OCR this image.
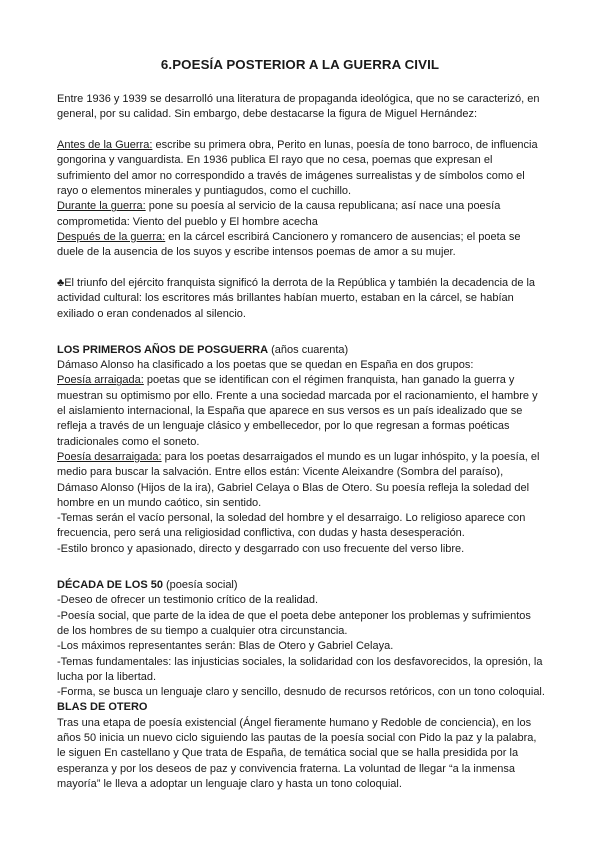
6.POESÍA POSTERIOR A LA GUERRA CIVIL

Entre 1936 y 1939 se desarrolló una literatura de propaganda ideológica, que no se caracterizó, en general, por su calidad. Sin embargo, debe destacarse la figura de Miguel Hernández:

Antes de la Guerra: escribe su primera obra, Perito en lunas, poesía de tono barroco, de influencia gongorina y vanguardista. En 1936 publica El rayo que no cesa, poemas que expresan el sufrimiento del amor no correspondido a través de imágenes surrealistas y de símbolos como el rayo o elementos minerales y puntiagudos, como el cuchillo.

Durante la guerra: pone su poesía al servicio de la causa republicana; así nace una poesía comprometida: Viento del pueblo y El hombre acecha

Después de la guerra: en la cárcel escribirá Cancionero y romancero de ausencias; el poeta se duele de la ausencia de los suyos y escribe intensos poemas de amor a su mujer.

♣El triunfo del ejército franquista significó la derrota de la República y también la decadencia de la actividad cultural: los escritores más brillantes habían muerto, estaban en la cárcel, se habían exiliado o eran condenados al silencio.

LOS PRIMEROS AÑOS DE POSGUERRA (años cuarenta)

Dámaso Alonso ha clasificado a los poetas que se quedan en España en dos grupos:

Poesía arraigada: poetas que se identifican con el régimen franquista, han ganado la guerra y muestran su optimismo por ello. Frente a una sociedad marcada por el racionamiento, el hambre y el aislamiento internacional, la España que aparece en sus versos es un país idealizado que se refleja a través de un lenguaje clásico y embellecedor, por lo que regresan a formas poéticas tradicionales como el soneto.

Poesía desarraigada: para los poetas desarraigados el mundo es un lugar inhóspito, y la poesía, el medio para buscar la salvación. Entre ellos están: Vicente Aleixandre (Sombra del paraíso), Dámaso Alonso (Hijos de la ira), Gabriel Celaya o Blas de Otero. Su poesía refleja la soledad del hombre en un mundo caótico, sin sentido.

-Temas serán el vacío personal, la soledad del hombre y el desarraigo. Lo religioso aparece con frecuencia, pero será una religiosidad conflictiva, con dudas y hasta desesperación.

-Estilo bronco y apasionado, directo y desgarrado con uso frecuente del verso libre.

DÉCADA DE LOS 50 (poesía social)

-Deseo de ofrecer un testimonio crítico de la realidad.

-Poesía social, que parte de la idea de que el poeta debe anteponer los problemas y sufrimientos de los hombres de su tiempo a cualquier otra circunstancia.

-Los máximos representantes serán: Blas de Otero y Gabriel Celaya.

-Temas fundamentales: las injusticias sociales, la solidaridad con los desfavorecidos, la opresión, la lucha por la libertad.

-Forma, se busca un lenguaje claro y sencillo, desnudo de recursos retóricos, con un tono coloquial.

BLAS DE OTERO

Tras una etapa de poesía existencial (Ángel fieramente humano y Redoble de conciencia), en los años 50 inicia un nuevo ciclo siguiendo las pautas de la poesía social con Pido la paz y la palabra, le siguen En castellano y Que trata de España, de temática social que se halla presidida por la esperanza y por los deseos de paz y convivencia fraterna. La voluntad de llegar “a la inmensa mayoría” le lleva a adoptar un lenguaje claro y hasta un tono coloquial.
